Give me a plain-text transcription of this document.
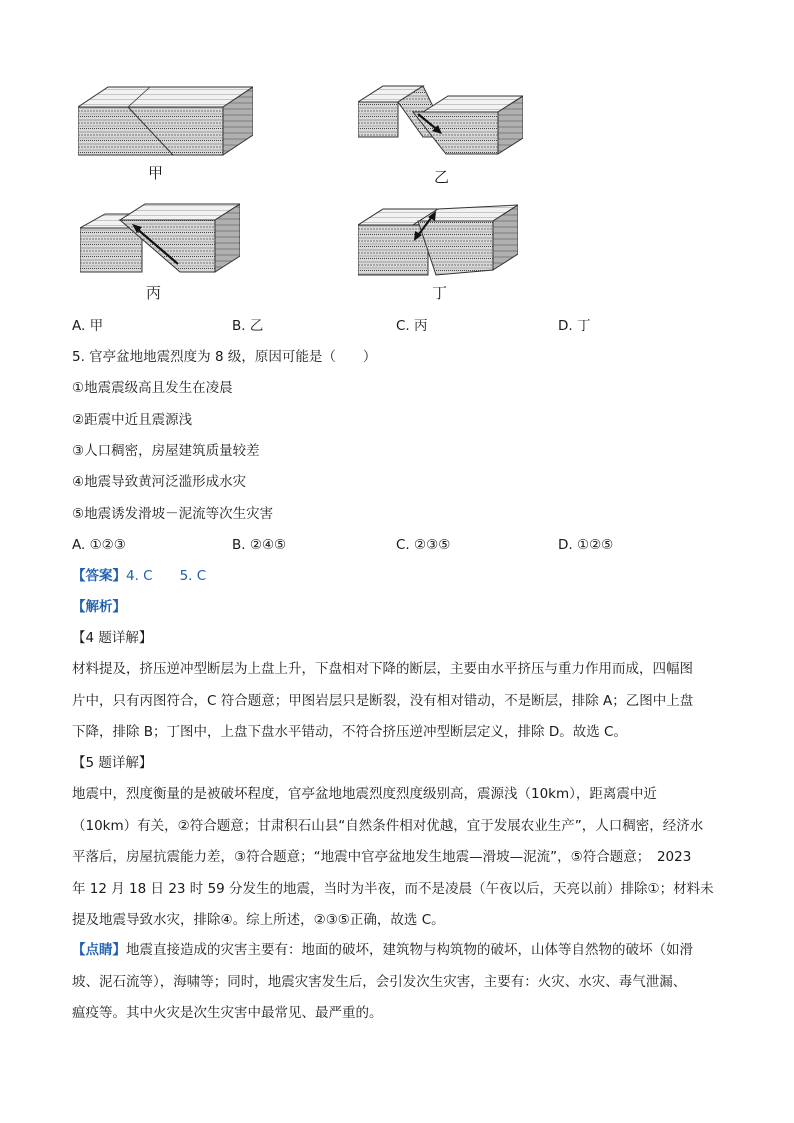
甲	乙
丙	丁
A. 甲	B. 乙	C. 丙	D. 丁
5. 官亭盆地地震烈度为 8 级，原因可能是（　　）
①地震震级高且发生在凌晨
②距震中近且震源浅
③人口稠密，房屋建筑质量较差
④地震导致黄河泛滥形成水灾
⑤地震诱发滑坡－泥流等次生灾害
A. ①②③	B. ②④⑤	C. ②③⑤	D. ①②⑤
【答案】4. C　　5. C
【解析】
【4 题详解】
材料提及，挤压逆冲型断层为上盘上升，下盘相对下降的断层，主要由水平挤压与重力作用而成，四幅图
片中，只有丙图符合，C 符合题意；甲图岩层只是断裂，没有相对错动，不是断层，排除 A；乙图中上盘
下降，排除 B；丁图中，上盘下盘水平错动，不符合挤压逆冲型断层定义，排除 D。故选 C。
【5 题详解】
地震中，烈度衡量的是被破坏程度，官亭盆地地震烈度烈度级别高，震源浅（10km），距离震中近
（10km）有关，②符合题意；甘肃积石山县“自然条件相对优越，宜于发展农业生产”，人口稠密，经济水
平落后，房屋抗震能力差，③符合题意；“地震中官亭盆地发生地震—滑坡—泥流”，⑤符合题意；　2023
年 12 月 18 日 23 时 59 分发生的地震，当时为半夜，而不是凌晨（午夜以后，天亮以前）排除①；材料未
提及地震导致水灾，排除④。综上所述，②③⑤正确，故选 C。
【点睛】地震直接造成的灾害主要有：地面的破坏，建筑物与构筑物的破坏，山体等自然物的破坏（如滑
坡、泥石流等），海啸等；同时，地震灾害发生后，会引发次生灾害，主要有：火灾、水灾、毒气泄漏、
瘟疫等。其中火灾是次生灾害中最常见、最严重的。
